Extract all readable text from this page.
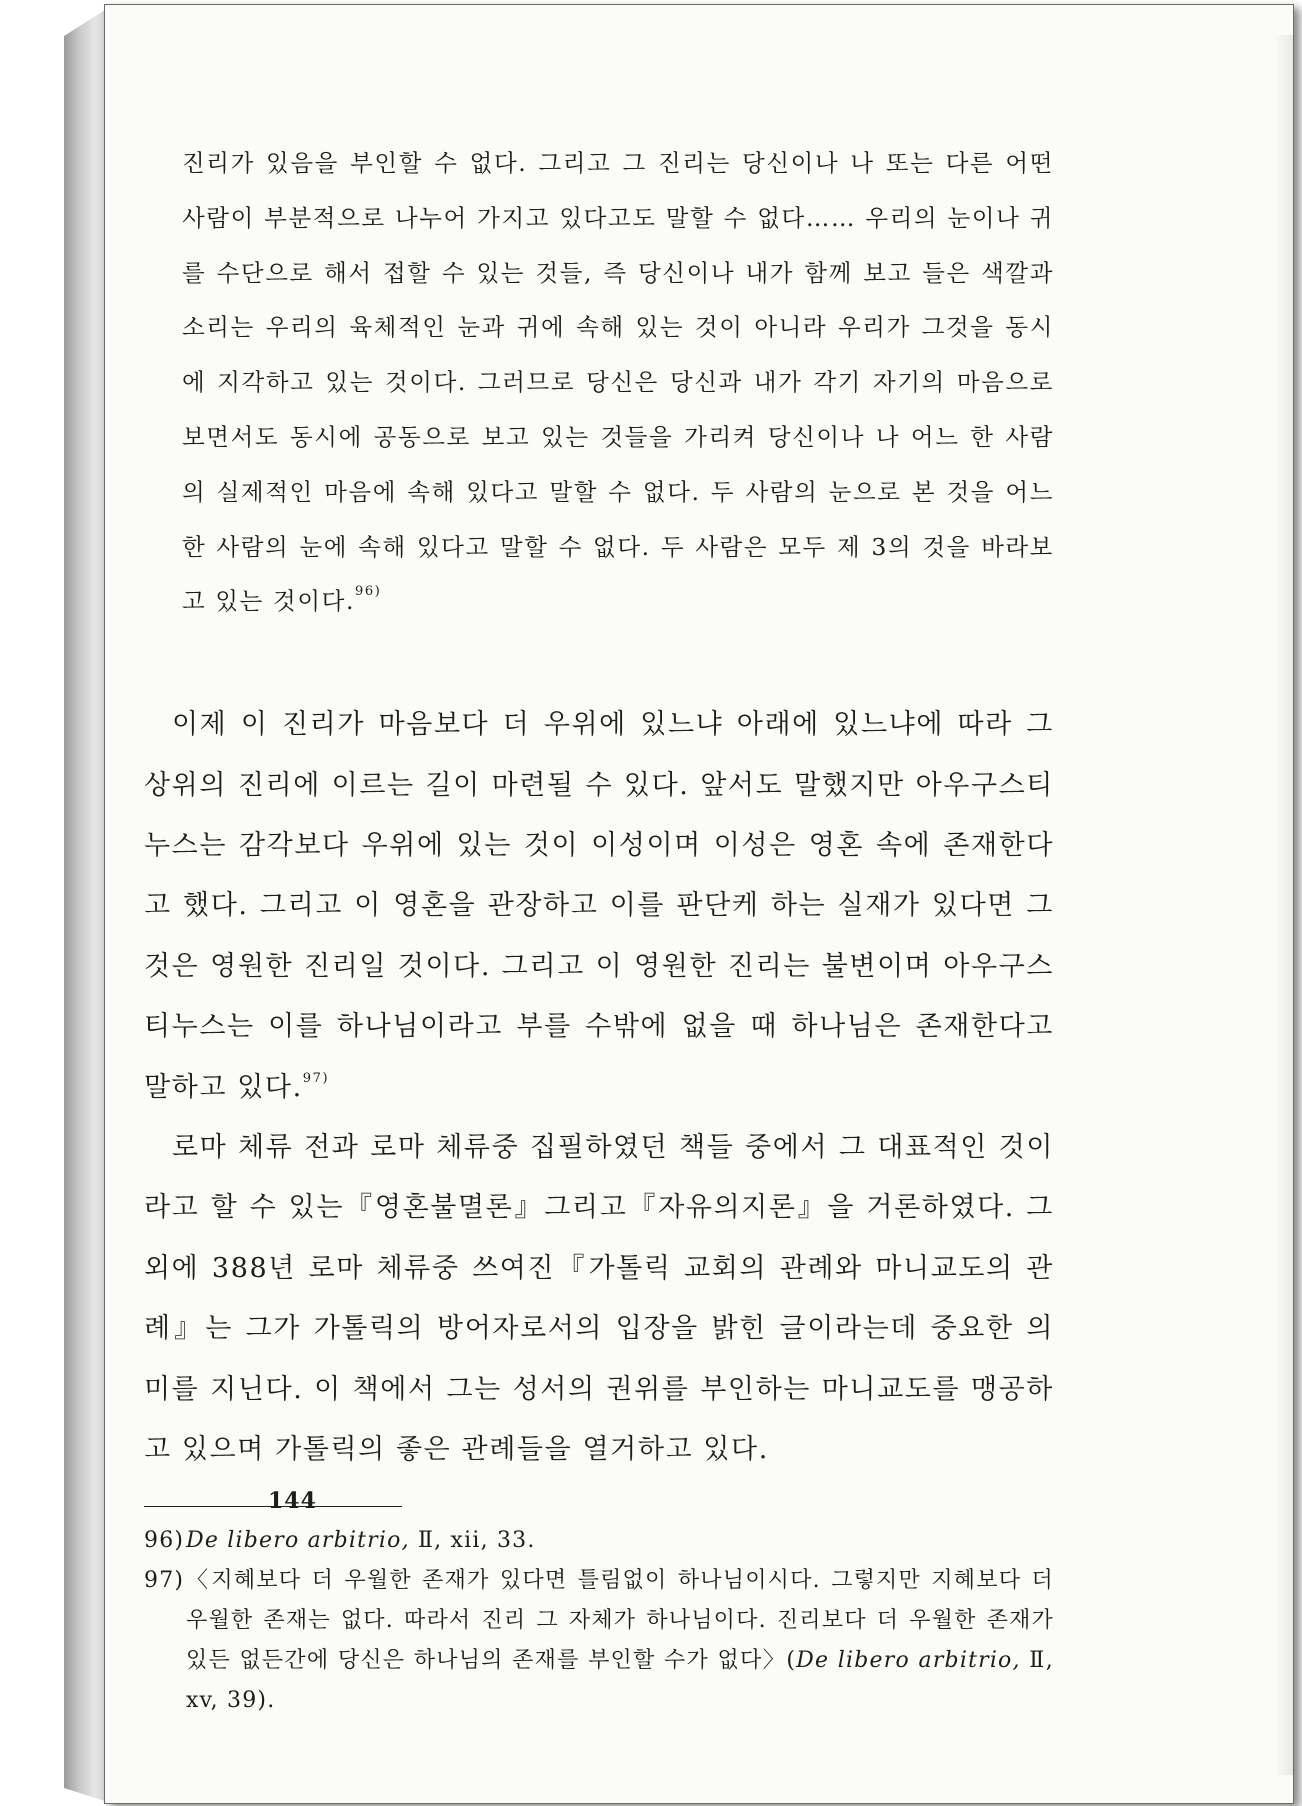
진리가 있음을 부인할 수 없다. 그리고 그 진리는 당신이나 나 또는 다른 어떤 사람이 부분적으로 나누어 가지고 있다고도 말할 수 없다…… 우리의 눈이나 귀를 수단으로 해서 접할 수 있는 것들, 즉 당신이나 내가 함께 보고 들은 색깔과 소리는 우리의 육체적인 눈과 귀에 속해 있는 것이 아니라 우리가 그것을 동시에 지각하고 있는 것이다. 그러므로 당신은 당신과 내가 각기 자기의 마음으로 보면서도 동시에 공동으로 보고 있는 것들을 가리켜 당신이나 나 어느 한 사람의 실제적인 마음에 속해 있다고 말할 수 없다. 두 사람의 눈으로 본 것을 어느 한 사람의 눈에 속해 있다고 말할 수 없다. 두 사람은 모두 제 3의 것을 바라보고 있는 것이다.$^{96)}$

이제 이 진리가 마음보다 더 우위에 있느냐 아래에 있느냐에 따라 그 상위의 진리에 이르는 길이 마련될 수 있다. 앞서도 말했지만 아우구스티누스는 감각보다 우위에 있는 것이 이성이며 이성은 영혼 속에 존재한다고 했다. 그리고 이 영혼을 관장하고 이를 판단케 하는 실재가 있다면 그것은 영원한 진리일 것이다. 그리고 이 영원한 진리는 불변이며 아우구스티누스는 이를 하나님이라고 부를 수밖에 없을 때 하나님은 존재한다고 말하고 있다.$^{97)}$

로마 체류 전과 로마 체류중 집필하였던 책들 중에서 그 대표적인 것이라고 할 수 있는『영혼불멸론』그리고『자유의지론』을 거론하였다. 그 외에 388년 로마 체류중 쓰여진『가톨릭 교회의 관례와 마니교도의 관례』는 그가 가톨릭의 방어자로서의 입장을 밝힌 글이라는데 중요한 의미를 지닌다. 이 책에서 그는 성서의 권위를 부인하는 마니교도를 맹공하고 있으며 가톨릭의 좋은 관례들을 열거하고 있다.

96) De libero arbitrio, Ⅱ, xii, 33.
97) 〈지혜보다 더 우월한 존재가 있다면 틀림없이 하나님이시다. 그렇지만 지혜보다 더 우월한 존재는 없다. 따라서 진리 그 자체가 하나님이다. 진리보다 더 우월한 존재가 있든 없든간에 당신은 하나님의 존재를 부인할 수가 없다〉(De libero arbitrio, Ⅱ, xv, 39).
144
